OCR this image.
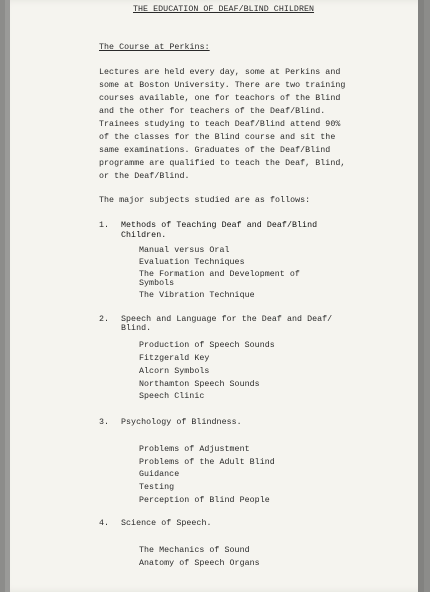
THE EDUCATION OF DEAF/BLIND CHILDREN
The Course at Perkins:
Lectures are held every day, some at Perkins and
some at Boston University. There are two training
courses available, one for teachors of the Blind
and the other for teachers of the Deaf/Blind.
Trainees studying to teach Deaf/Blind attend 90%
of the classes for the Blind course and sit the
same examinations. Graduates of the Deaf/Blind
programme are qualified to teach the Deaf, Blind,
or the Deaf/Blind.
The major subjects studied are as follows:
1. Methods of Teaching Deaf and Deaf/Blind
Children.
Manual versus Oral
Evaluation Techniques
The Formation and Development of
Symbols
The Vibration Technique
2. Speech and Language for the Deaf and Deaf/
Blind.
Production of Speech Sounds
Fitzgerald Key
Alcorn Symbols
Northamton Speech Sounds
Speech Clinic
3. Psychology of Blindness.
Problems of Adjustment
Problems of the Adult Blind
Guidance
Testing
Perception of Blind People
4. Science of Speech.
The Mechanics of Sound
Anatomy of Speech Organs
